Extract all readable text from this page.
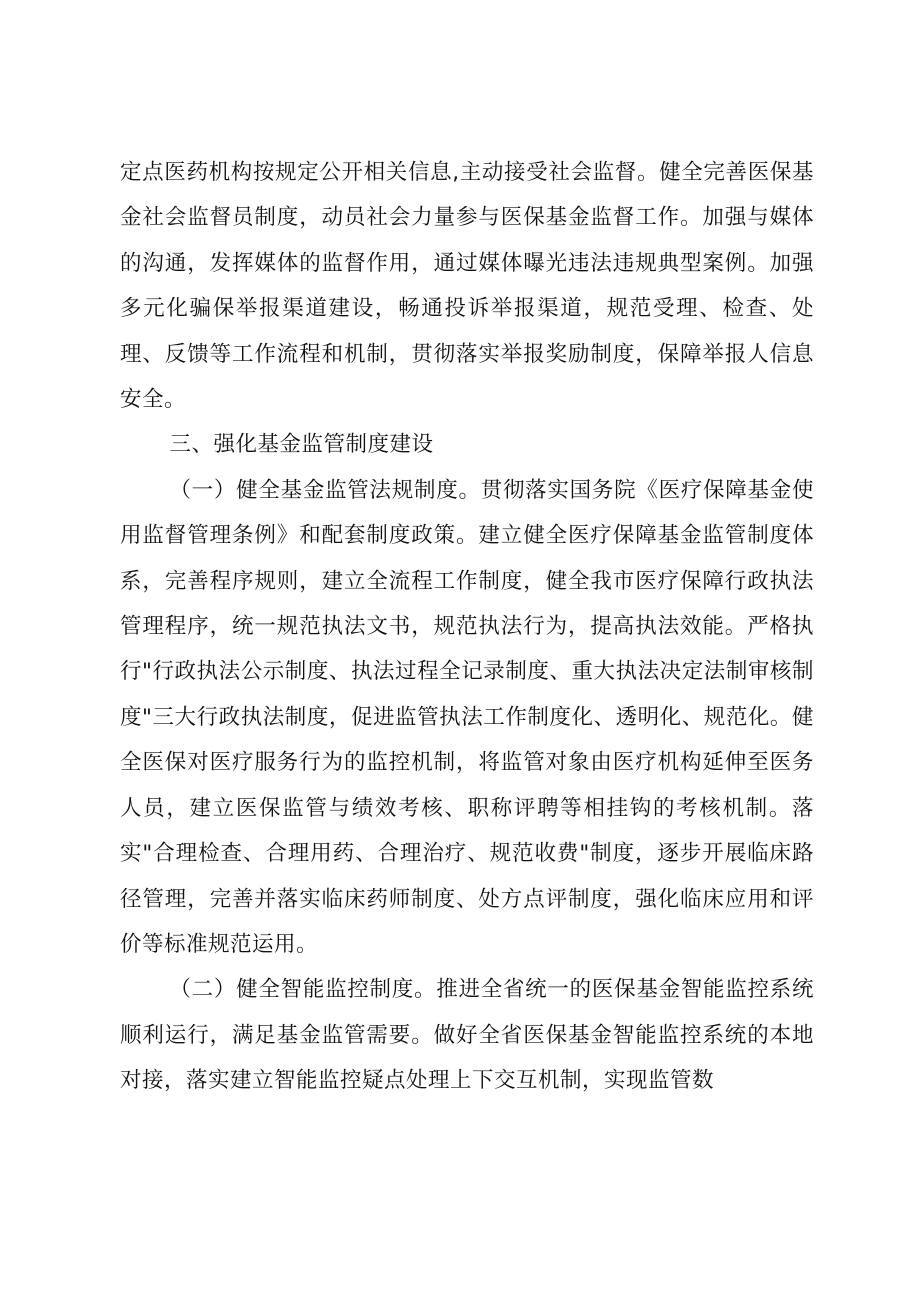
定点医药机构按规定公开相关信息,主动接受社会监督。健全完善医保基金社会监督员制度，动员社会力量参与医保基金监督工作。加强与媒体的沟通，发挥媒体的监督作用，通过媒体曝光违法违规典型案例。加强多元化骗保举报渠道建设，畅通投诉举报渠道，规范受理、检查、处理、反馈等工作流程和机制，贯彻落实举报奖励制度，保障举报人信息安全。

三、强化基金监管制度建设

（一）健全基金监管法规制度。贯彻落实国务院《医疗保障基金使用监督管理条例》和配套制度政策。建立健全医疗保障基金监管制度体系，完善程序规则，建立全流程工作制度，健全我市医疗保障行政执法管理程序，统一规范执法文书，规范执法行为，提高执法效能。严格执行"行政执法公示制度、执法过程全记录制度、重大执法决定法制审核制度"三大行政执法制度，促进监管执法工作制度化、透明化、规范化。健全医保对医疗服务行为的监控机制，将监管对象由医疗机构延伸至医务人员，建立医保监管与绩效考核、职称评聘等相挂钩的考核机制。落实"合理检查、合理用药、合理治疗、规范收费"制度，逐步开展临床路径管理，完善并落实临床药师制度、处方点评制度，强化临床应用和评价等标准规范运用。

（二）健全智能监控制度。推进全省统一的医保基金智能监控系统顺利运行，满足基金监管需要。做好全省医保基金智能监控系统的本地对接，落实建立智能监控疑点处理上下交互机制，实现监管数
